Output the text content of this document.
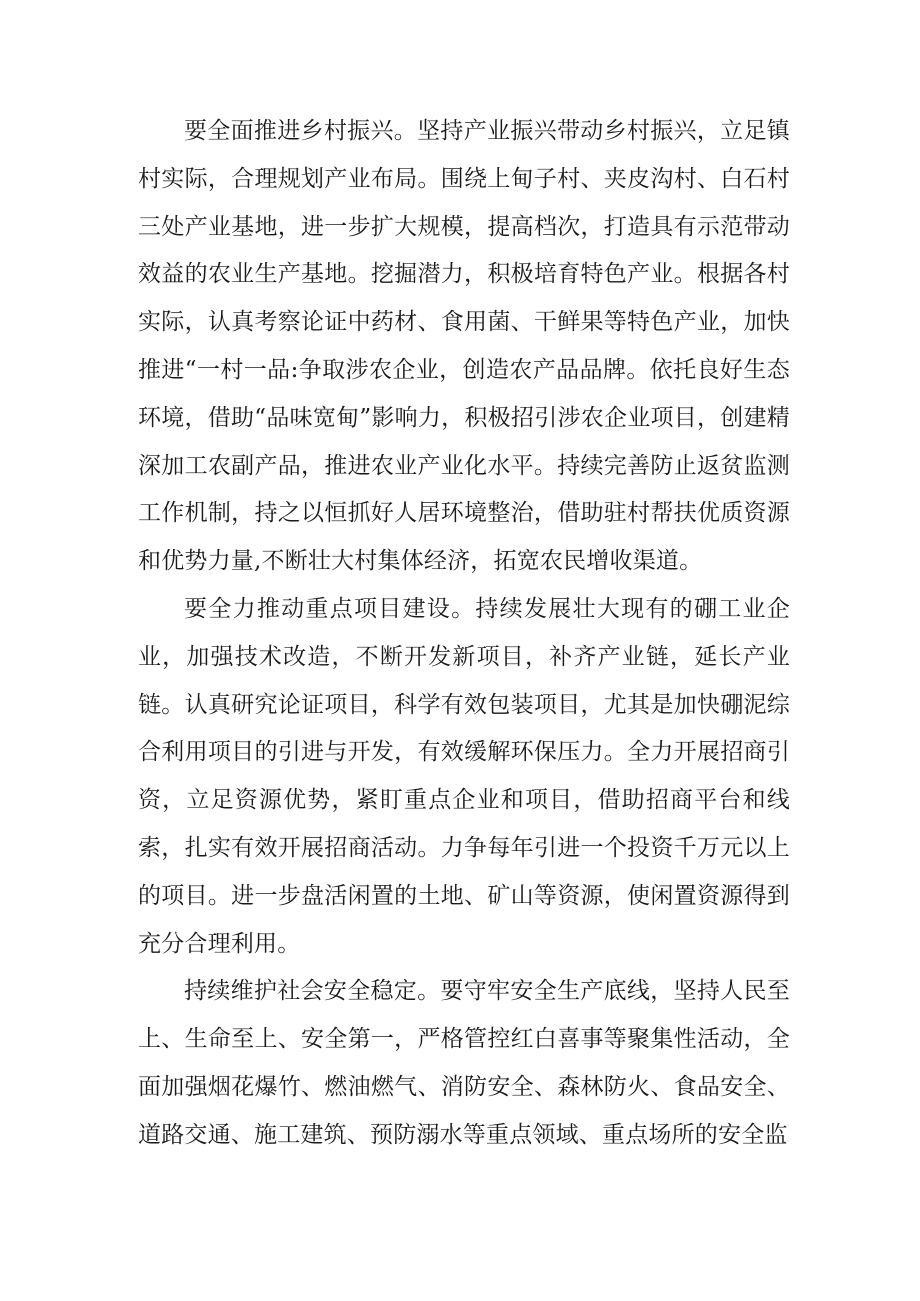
要全面推进乡村振兴。坚持产业振兴带动乡村振兴，立足镇村实际，合理规划产业布局。围绕上甸子村、夹皮沟村、白石村三处产业基地，进一步扩大规模，提高档次，打造具有示范带动效益的农业生产基地。挖掘潜力，积极培育特色产业。根据各村实际，认真考察论证中药材、食用菌、干鲜果等特色产业，加快推进“一村一品:争取涉农企业，创造农产品品牌。依托良好生态环境，借助“品味宽甸”影响力，积极招引涉农企业项目，创建精深加工农副产品，推进农业产业化水平。持续完善防止返贫监测工作机制，持之以恒抓好人居环境整治，借助驻村帮扶优质资源和优势力量,不断壮大村集体经济，拓宽农民增收渠道。

要全力推动重点项目建设。持续发展壮大现有的硼工业企业，加强技术改造，不断开发新项目，补齐产业链，延长产业链。认真研究论证项目，科学有效包装项目，尤其是加快硼泥综合利用项目的引进与开发，有效缓解环保压力。全力开展招商引资，立足资源优势，紧盯重点企业和项目，借助招商平台和线索，扎实有效开展招商活动。力争每年引进一个投资千万元以上的项目。进一步盘活闲置的土地、矿山等资源，使闲置资源得到充分合理利用。

持续维护社会安全稳定。要守牢安全生产底线，坚持人民至上、生命至上、安全第一，严格管控红白喜事等聚集性活动，全面加强烟花爆竹、燃油燃气、消防安全、森林防火、食品安全、道路交通、施工建筑、预防溺水等重点领域、重点场所的安全监
